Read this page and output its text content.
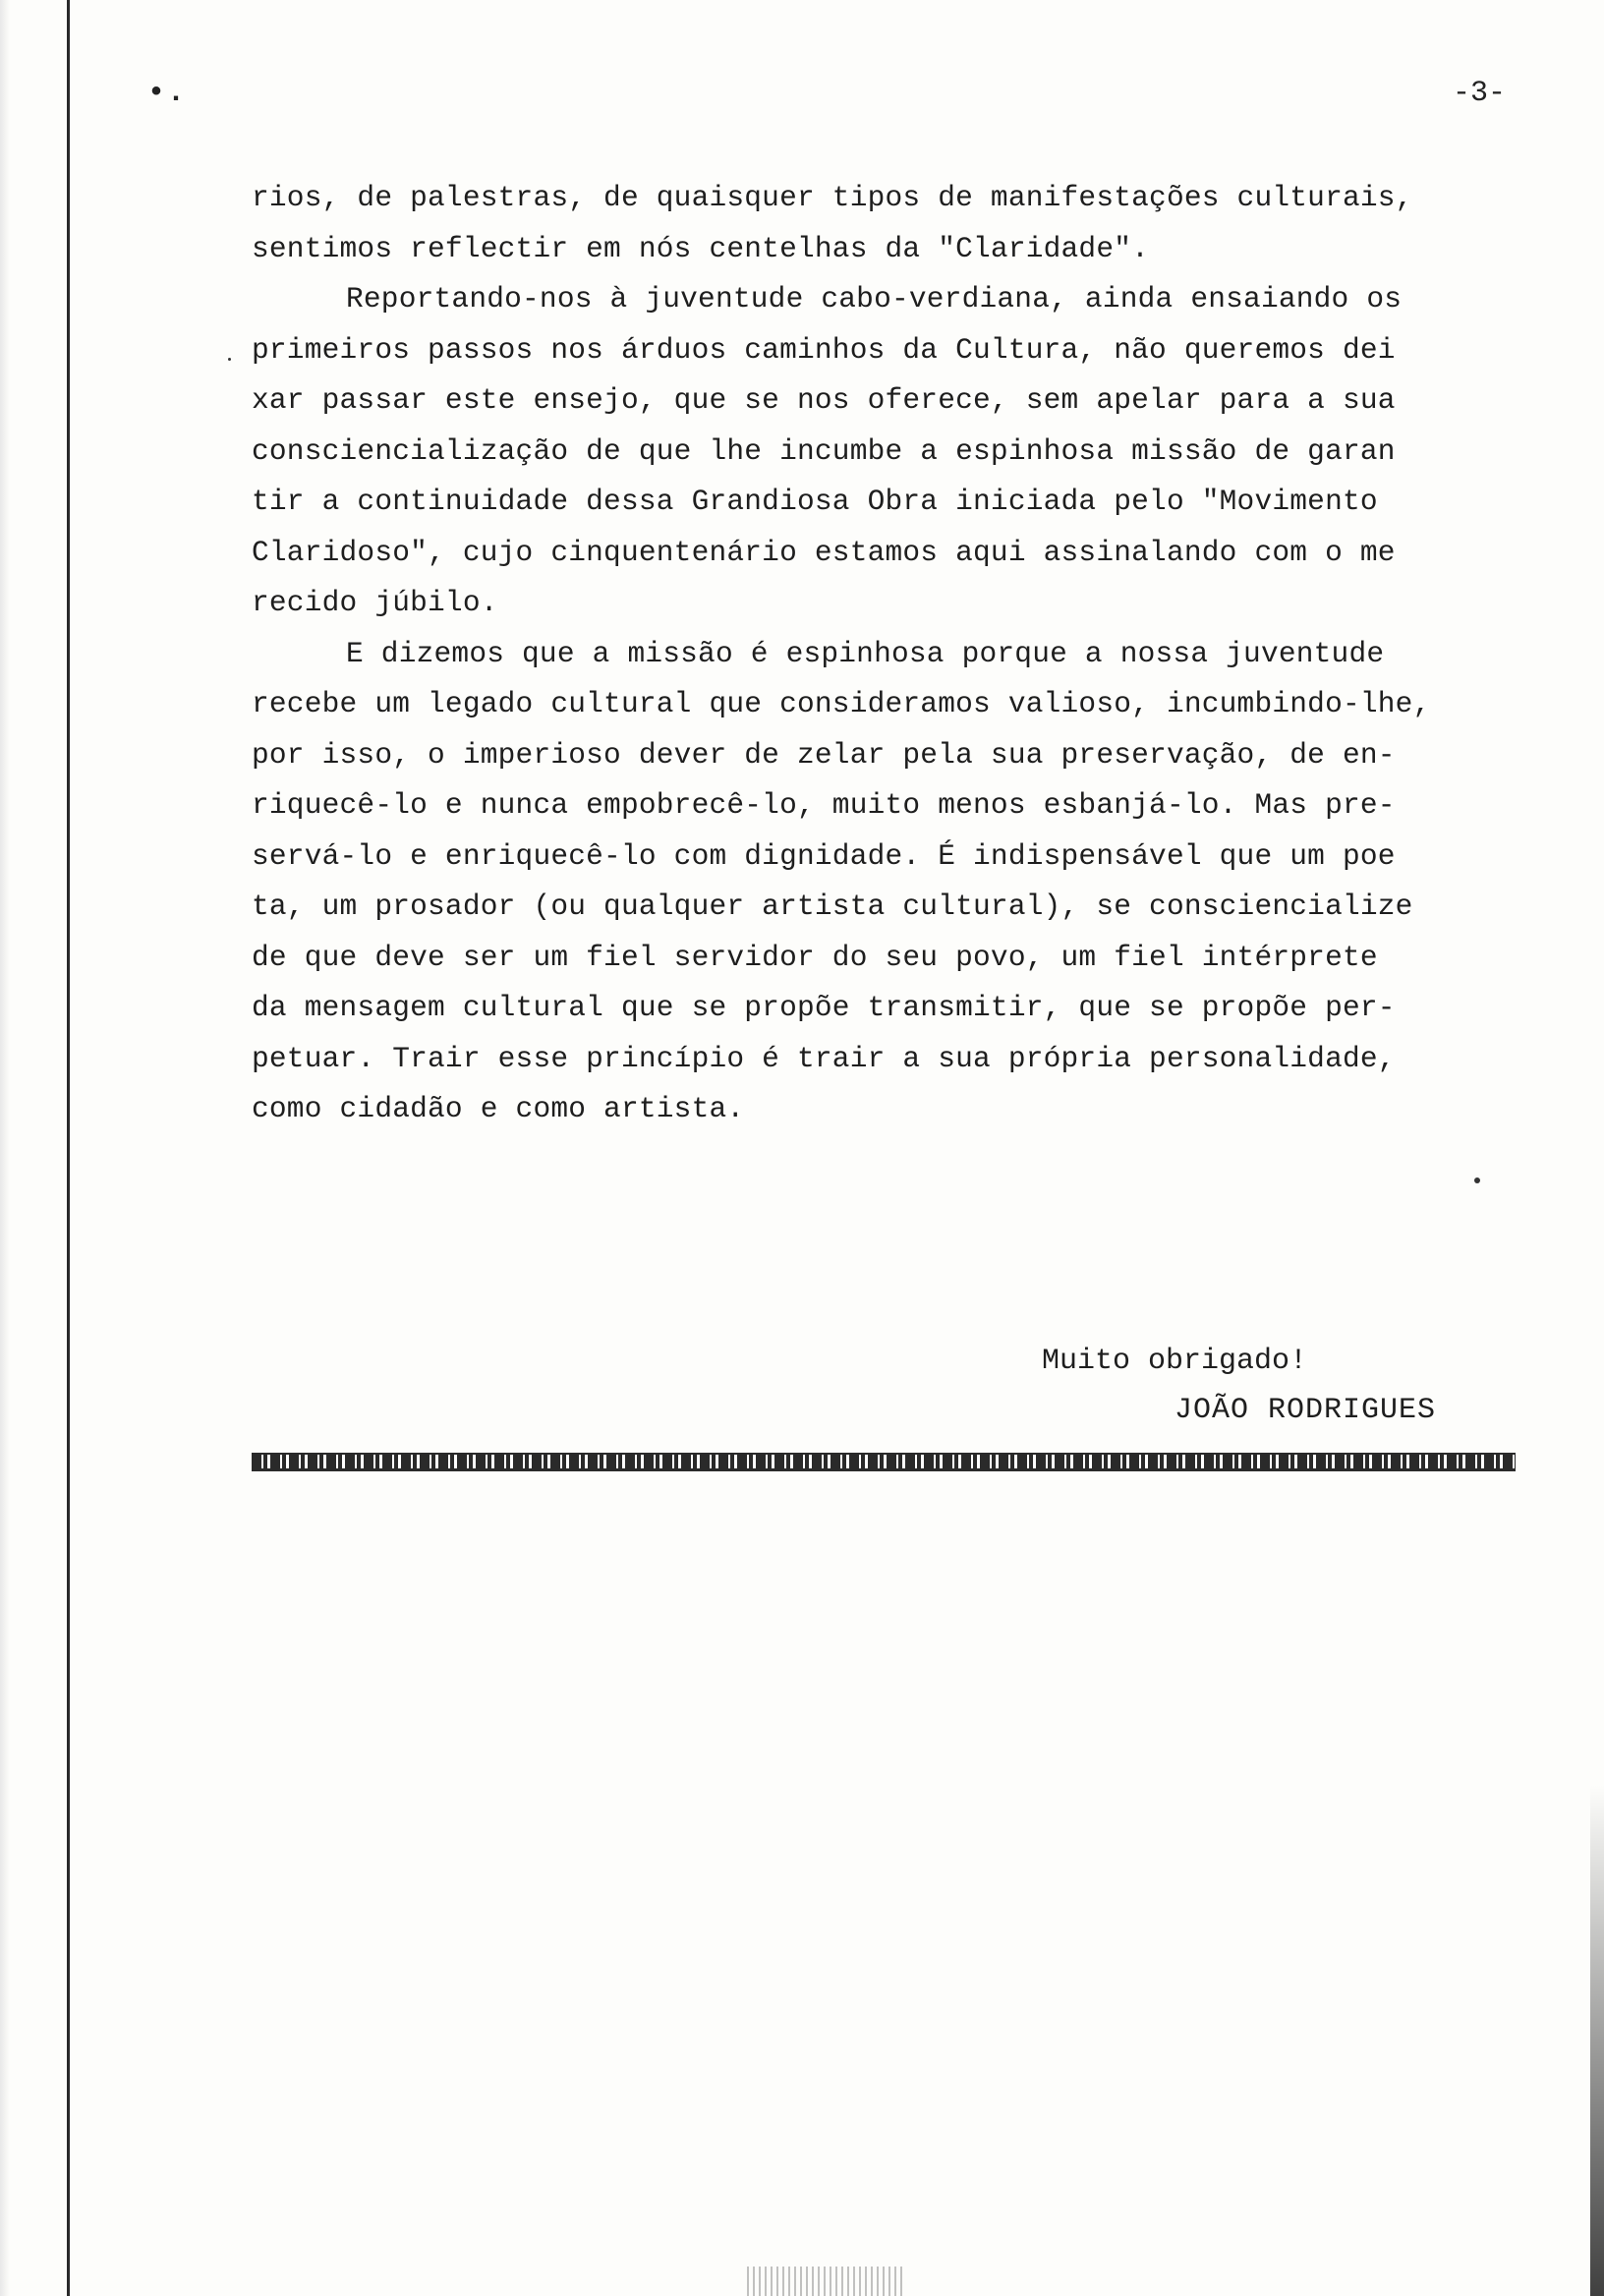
•.	-3-
rios, de palestras, de quaisquer tipos de manifestações culturais,
sentimos reflectir em nós centelhas da "Claridade".
Reportando-nos à juventude cabo-verdiana, ainda ensaiando os
primeiros passos nos árduos caminhos da Cultura, não queremos dei
xar passar este ensejo, que se nos oferece, sem apelar para a sua
consciencialização de que lhe incumbe a espinhosa missão de garan
tir a continuidade dessa Grandiosa Obra iniciada pelo "Movimento
Claridoso", cujo cinquentenário estamos aqui assinalando com o me
recido júbilo.
E dizemos que a missão é espinhosa porque a nossa juventude
recebe um legado cultural que consideramos valioso, incumbindo-lhe,
por isso, o imperioso dever de zelar pela sua preservação, de en-
riquecê-lo e nunca empobrecê-lo, muito menos esbanjá-lo. Mas pre-
servá-lo e enriquecê-lo com dignidade. É indispensável que um poe
ta, um prosador (ou qualquer artista cultural), se consciencialize
de que deve ser um fiel servidor do seu povo, um fiel intérprete
da mensagem cultural que se propõe transmitir, que se propõe per-
petuar. Trair esse princípio é trair a sua própria personalidade,
como cidadão e como artista.
Muito obrigado!
JOÃO RODRIGUES
